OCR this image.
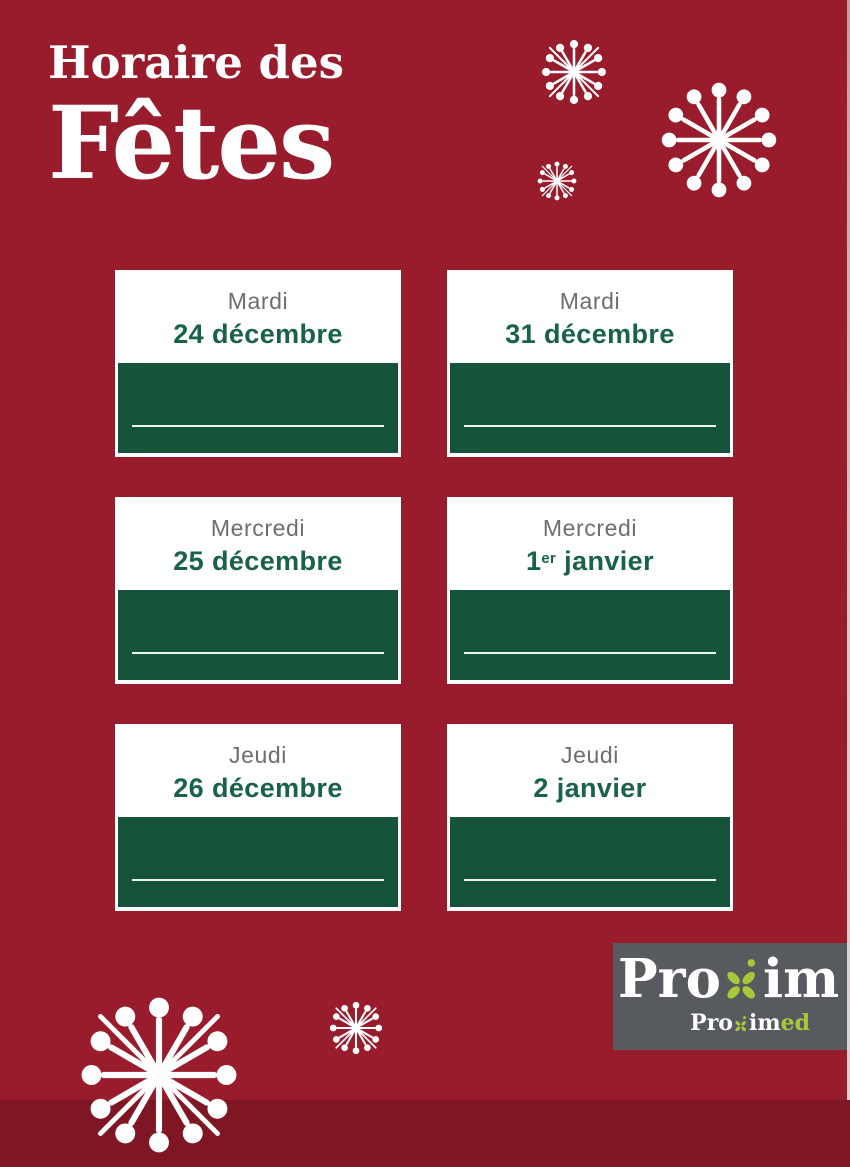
Horaire des
Fêtes
Mardi
24 décembre
Mardi
31 décembre
Mercredi
25 décembre
Mercredi
1er janvier
Jeudi
26 décembre
Jeudi
2 janvier
Pro im
Pro imed
